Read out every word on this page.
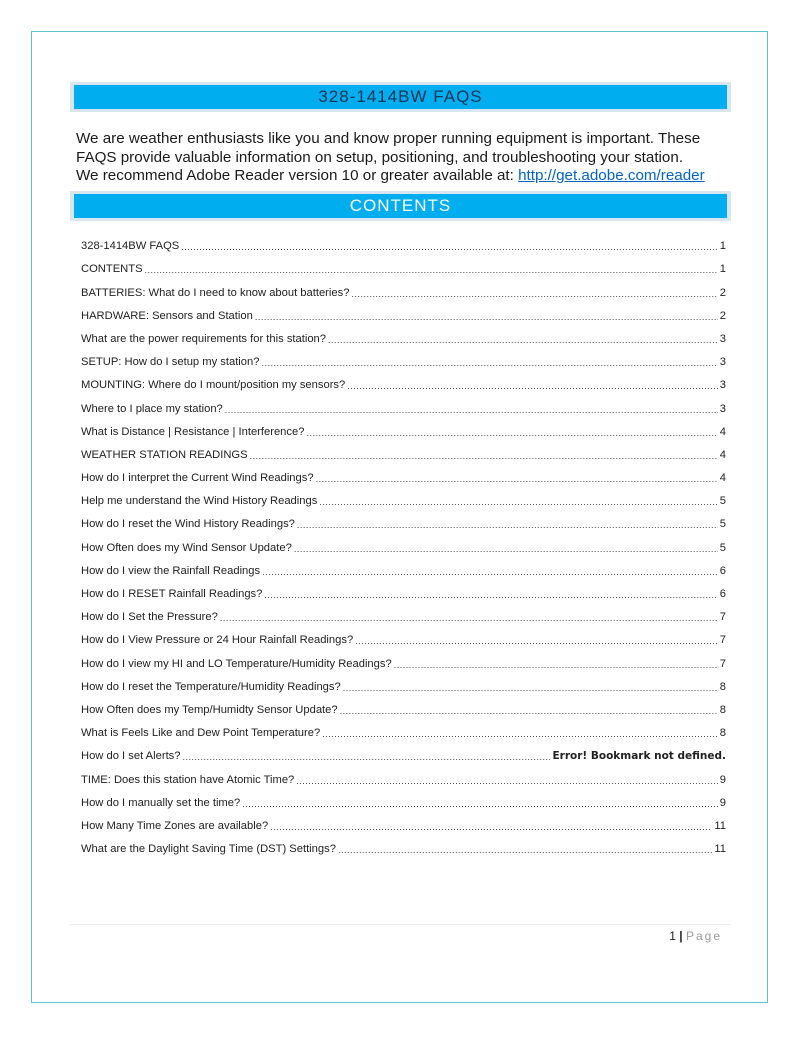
328-1414BW FAQS

We are weather enthusiasts like you and know proper running equipment is important. These

FAQS provide valuable information on setup, positioning, and troubleshooting your station.

We recommend Adobe Reader version 10 or greater available at: http://get.adobe.com/reader

CONTENTS
328-1414BW FAQS .....	1
CONTENTS .....	1
BATTERIES: What do I need to know about batteries? .....	2
HARDWARE: Sensors and Station .....	2
What are the power requirements for this station? .....	3
SETUP: How do I setup my station? .....	3
MOUNTING: Where do I mount/position my sensors? .....	3
Where to I place my station? .....	3
What is Distance | Resistance | Interference? .....	4
WEATHER STATION READINGS .....	4
How do I interpret the Current Wind Readings? .....	4
Help me understand the Wind History Readings .....	5
How do I reset the Wind History Readings? .....	5
How Often does my Wind Sensor Update? .....	5
How do I view the Rainfall Readings .....	6
How do I RESET Rainfall Readings? .....	6
How do I Set the Pressure? .....	7
How do I View Pressure or 24 Hour Rainfall Readings? .....	7
How do I view my HI and LO Temperature/Humidity Readings? .....	7
How do I reset the Temperature/Humidity Readings? .....	8
How Often does my Temp/Humidty Sensor Update? .....	8
What is Feels Like and Dew Point Temperature? .....	8
How do I set Alerts? .....	Error! Bookmark not defined.
TIME: Does this station have Atomic Time? .....	9
How do I manually set the time? .....	9
How Many Time Zones are available? .....	11
What are the Daylight Saving Time (DST) Settings? .....	11
1 | Page
